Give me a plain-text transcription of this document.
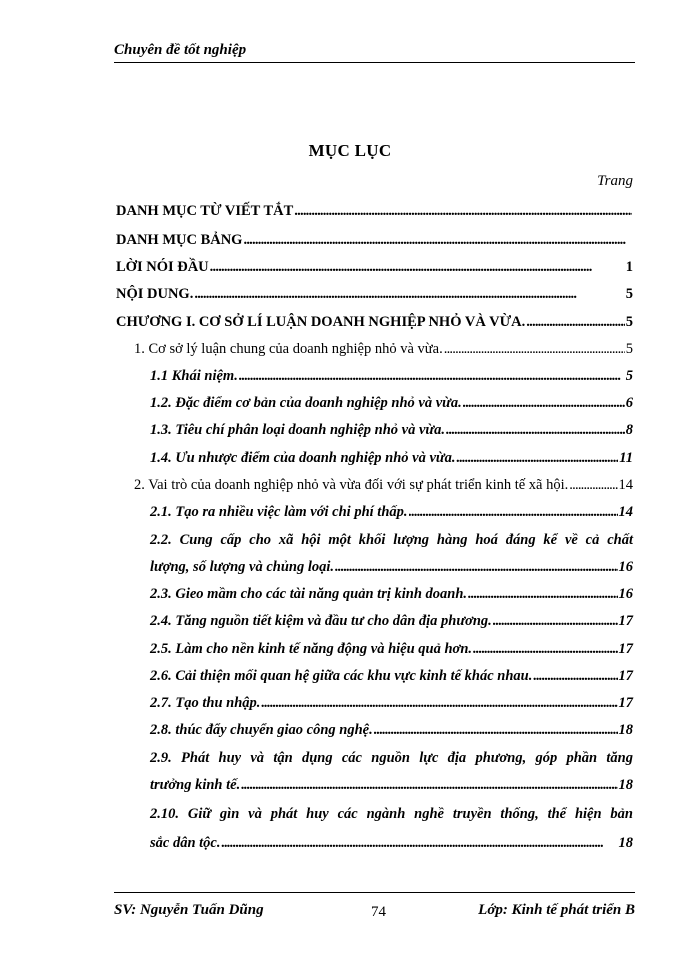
Chuyên đề tốt nghiệp
MỤC LỤC
Trang
DANH MỤC TỪ VIẾT TẮT
. . .
DANH MỤC BẢNG
. . .
LỜI NÓI ĐẦU . . .	1
NỘI DUNG. . . .	5
CHƯƠNG I. CƠ SỞ LÍ LUẬN DOANH NGHIỆP NHỎ VÀ VỪA. . . .	5
1. Cơ sở lý luận chung của doanh nghiệp nhỏ và vừa. . . .	5
1.1 Khái niệm. . . .	5
1.2. Đặc điểm cơ bản của doanh nghiệp nhỏ và vừa. . . .	6
1.3. Tiêu chí phân loại doanh nghiệp nhỏ và vừa. . . .	8
1.4. Ưu nhược điểm của doanh nghiệp nhỏ và vừa. . . .	11
2. Vai trò của doanh nghiệp nhỏ và vừa đối với sự phát triển kinh tế xã hội. . . .	14
2.1. Tạo ra nhiều việc làm với chi phí thấp. . . .	14
2.2. Cung cấp cho xã hội một khối lượng hàng hoá đáng kể về cả chất
lượng, số lượng và chủng loại. . . .	16
2.3. Gieo mầm cho các tài năng quản trị kinh doanh. . . .	16
2.4. Tăng nguồn tiết kiệm và đầu tư cho dân địa phương. . . .	17
2.5. Làm cho nền kinh tế năng động và hiệu quả hơn. . . .	17
2.6. Cải thiện mối quan hệ giữa các khu vực kinh tế khác nhau. . . .	17
2.7. Tạo thu nhập. . . .	17
2.8. thúc đẩy chuyển giao công nghệ. . . .	18
2.9. Phát huy và tận dụng các nguồn lực địa phương, góp phần tăng
trưởng kinh tế. . . .	18
2.10. Giữ gìn và phát huy các ngành nghề truyền thống, thể hiện bản
sắc dân tộc. . . .	18
SV: Nguyễn Tuấn Dũng	74	Lớp: Kinh tế phát triển B
